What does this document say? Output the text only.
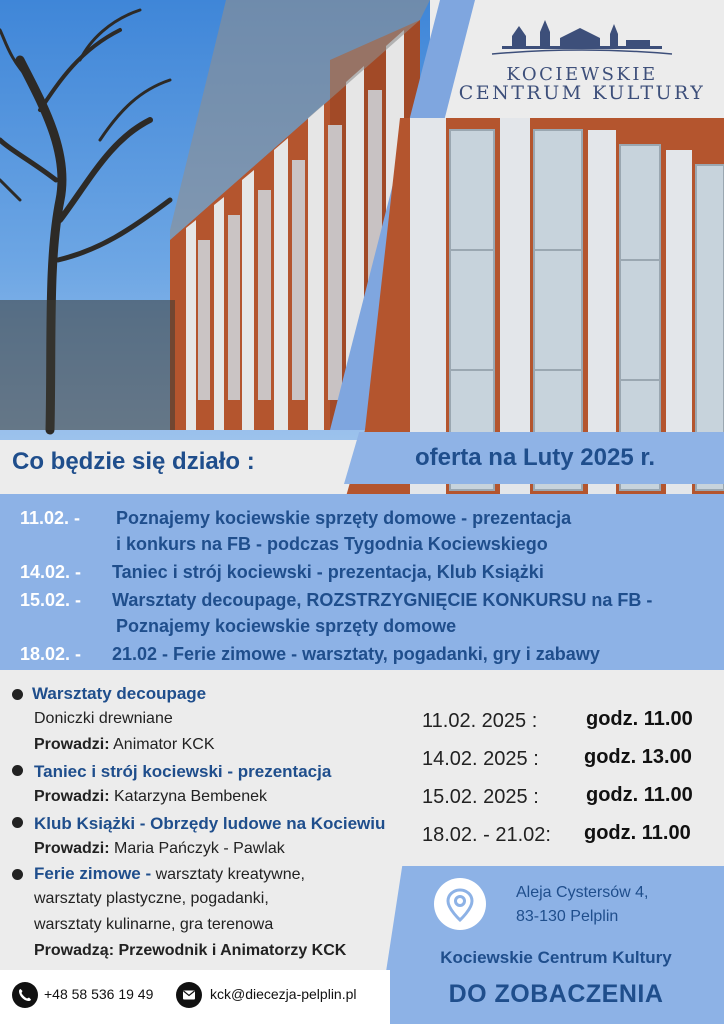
KOCIEWSKIE
CENTRUM KULTURY
Co będzie się działo :	oferta na Luty 2025 r.
11.02. - Poznajemy kociewskie sprzęty domowe - prezentacja
i konkurs na FB - podczas Tygodnia Kociewskiego
14.02. - Taniec i strój kociewski - prezentacja, Klub Książki
15.02. - Warsztaty decoupage, ROZSTRZYGNIĘCIE KONKURSU na FB -
Poznajemy kociewskie sprzęty domowe
18.02. - 21.02 - Ferie zimowe - warsztaty, pogadanki, gry i zabawy
Warsztaty decoupage
Doniczki drewniane
Prowadzi: Animator KCK
Taniec i strój kociewski - prezentacja
Prowadzi: Katarzyna Bembenek
Klub Książki - Obrzędy ludowe na Kociewiu
Prowadzi: Maria Pańczyk - Pawlak
Ferie zimowe - warsztaty kreatywne,
warsztaty plastyczne, pogadanki,
warsztaty kulinarne, gra terenowa
Prowadzą: Przewodnik i Animatorzy KCK
11.02. 2025 : godz. 11.00
14.02. 2025 : godz. 13.00
15.02. 2025 : godz. 11.00
18.02. - 21.02: godz. 11.00
Aleja Cystersów 4,
83-130 Pelplin
Kociewskie Centrum Kultury
DO ZOBACZENIA
+48 58 536 19 49	kck@diecezja-pelplin.pl
